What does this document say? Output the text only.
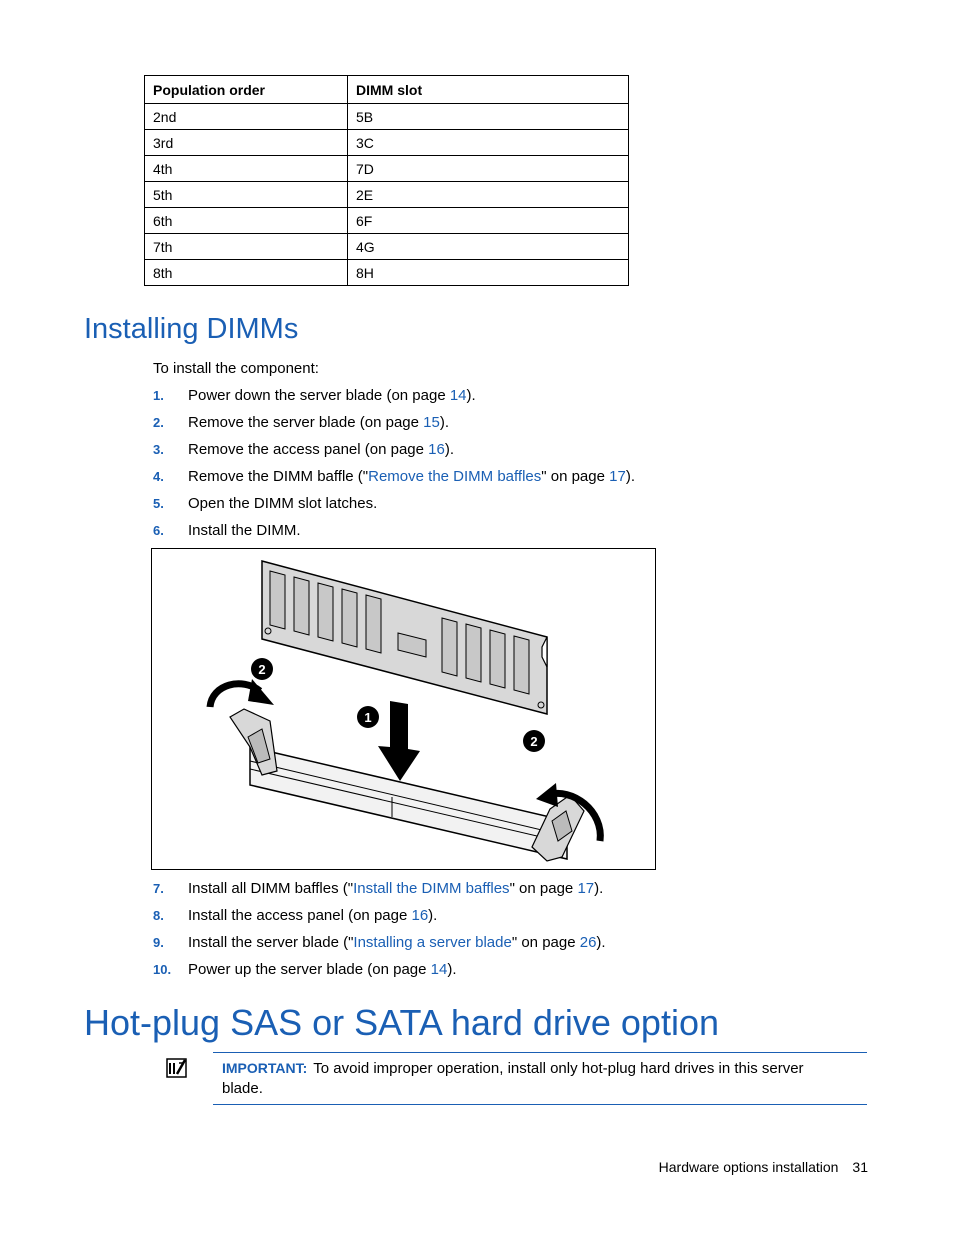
Population order	DIMM slot
2nd	5B
3rd	3C
4th	7D
5th	2E
6th	6F
7th	4G
8th	8H
Installing DIMMs
To install the component:
1. Power down the server blade (on page 14).
2. Remove the server blade (on page 15).
3. Remove the access panel (on page 16).
4. Remove the DIMM baffle ("Remove the DIMM baffles" on page 17).
5. Open the DIMM slot latches.
6. Install the DIMM.
1
2
2
7. Install all DIMM baffles ("Install the DIMM baffles" on page 17).
8. Install the access panel (on page 16).
9. Install the server blade ("Installing a server blade" on page 26).
10. Power up the server blade (on page 14).
Hot-plug SAS or SATA hard drive option
IMPORTANT: To avoid improper operation, install only hot-plug hard drives in this server blade.
Hardware options installation 31
